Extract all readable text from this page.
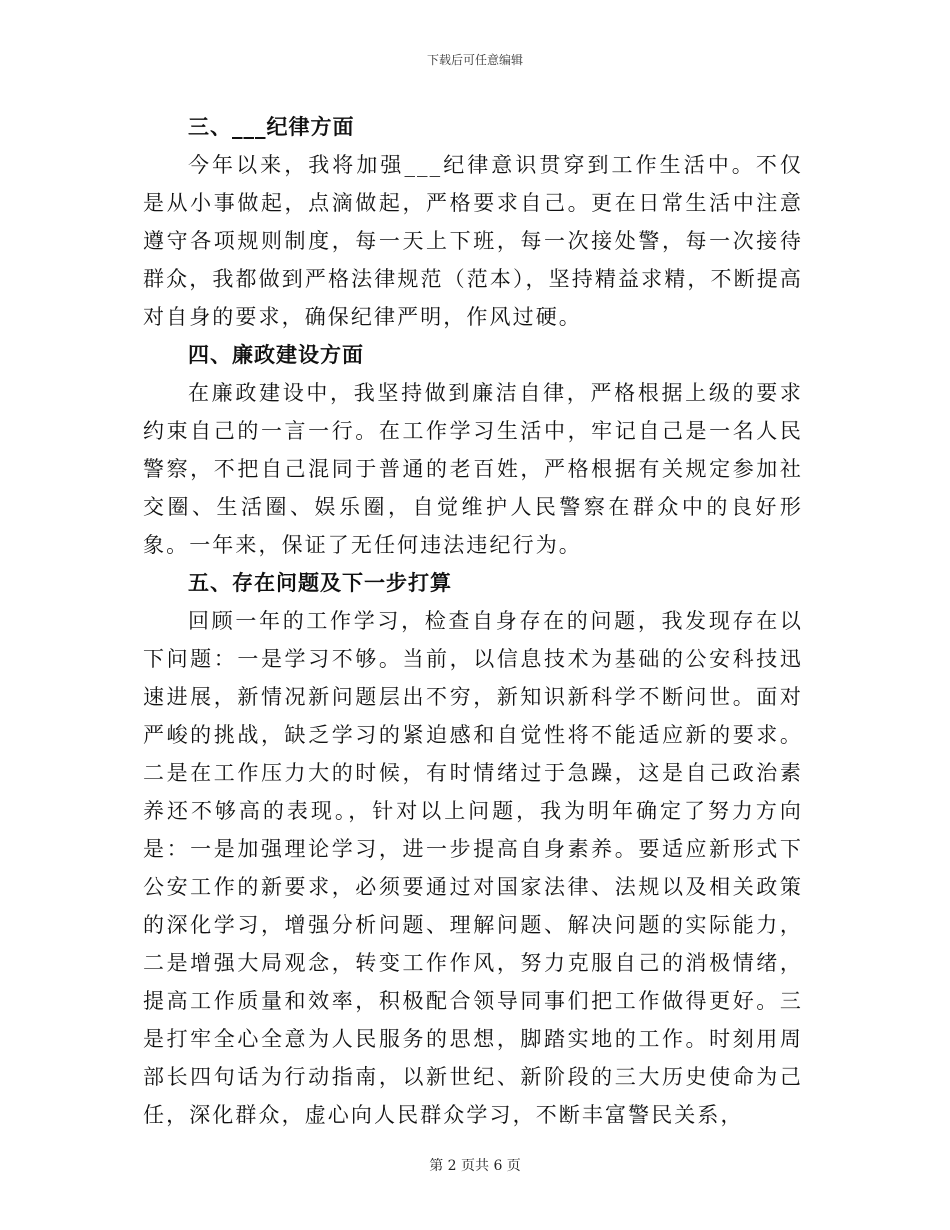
下载后可任意编辑
三、___纪律方面

今年以来，我将加强___纪律意识贯穿到工作生活中。不仅是从小事做起，点滴做起，严格要求自己。更在日常生活中注意遵守各项规则制度，每一天上下班，每一次接处警，每一次接待群众，我都做到严格法律规范（范本），坚持精益求精，不断提高对自身的要求，确保纪律严明，作风过硬。

四、廉政建设方面

在廉政建设中，我坚持做到廉洁自律，严格根据上级的要求约束自己的一言一行。在工作学习生活中，牢记自己是一名人民警察，不把自己混同于普通的老百姓，严格根据有关规定参加社交圈、生活圈、娱乐圈，自觉维护人民警察在群众中的良好形象。一年来，保证了无任何违法违纪行为。

五、存在问题及下一步打算

回顾一年的工作学习，检查自身存在的问题，我发现存在以下问题：一是学习不够。当前，以信息技术为基础的公安科技迅速进展，新情况新问题层出不穷，新知识新科学不断问世。面对严峻的挑战，缺乏学习的紧迫感和自觉性将不能适应新的要求。二是在工作压力大的时候，有时情绪过于急躁，这是自己政治素养还不够高的表现。，针对以上问题，我为明年确定了努力方向是：一是加强理论学习，进一步提高自身素养。要适应新形式下公安工作的新要求，必须要通过对国家法律、法规以及相关政策的深化学习，增强分析问题、理解问题、解决问题的实际能力，二是增强大局观念，转变工作作风，努力克服自己的消极情绪，提高工作质量和效率，积极配合领导同事们把工作做得更好。三是打牢全心全意为人民服务的思想，脚踏实地的工作。时刻用周部长四句话为行动指南，以新世纪、新阶段的三大历史使命为己任，深化群众，虚心向人民群众学习，不断丰富警民关系，

第 2 页共 6 页
